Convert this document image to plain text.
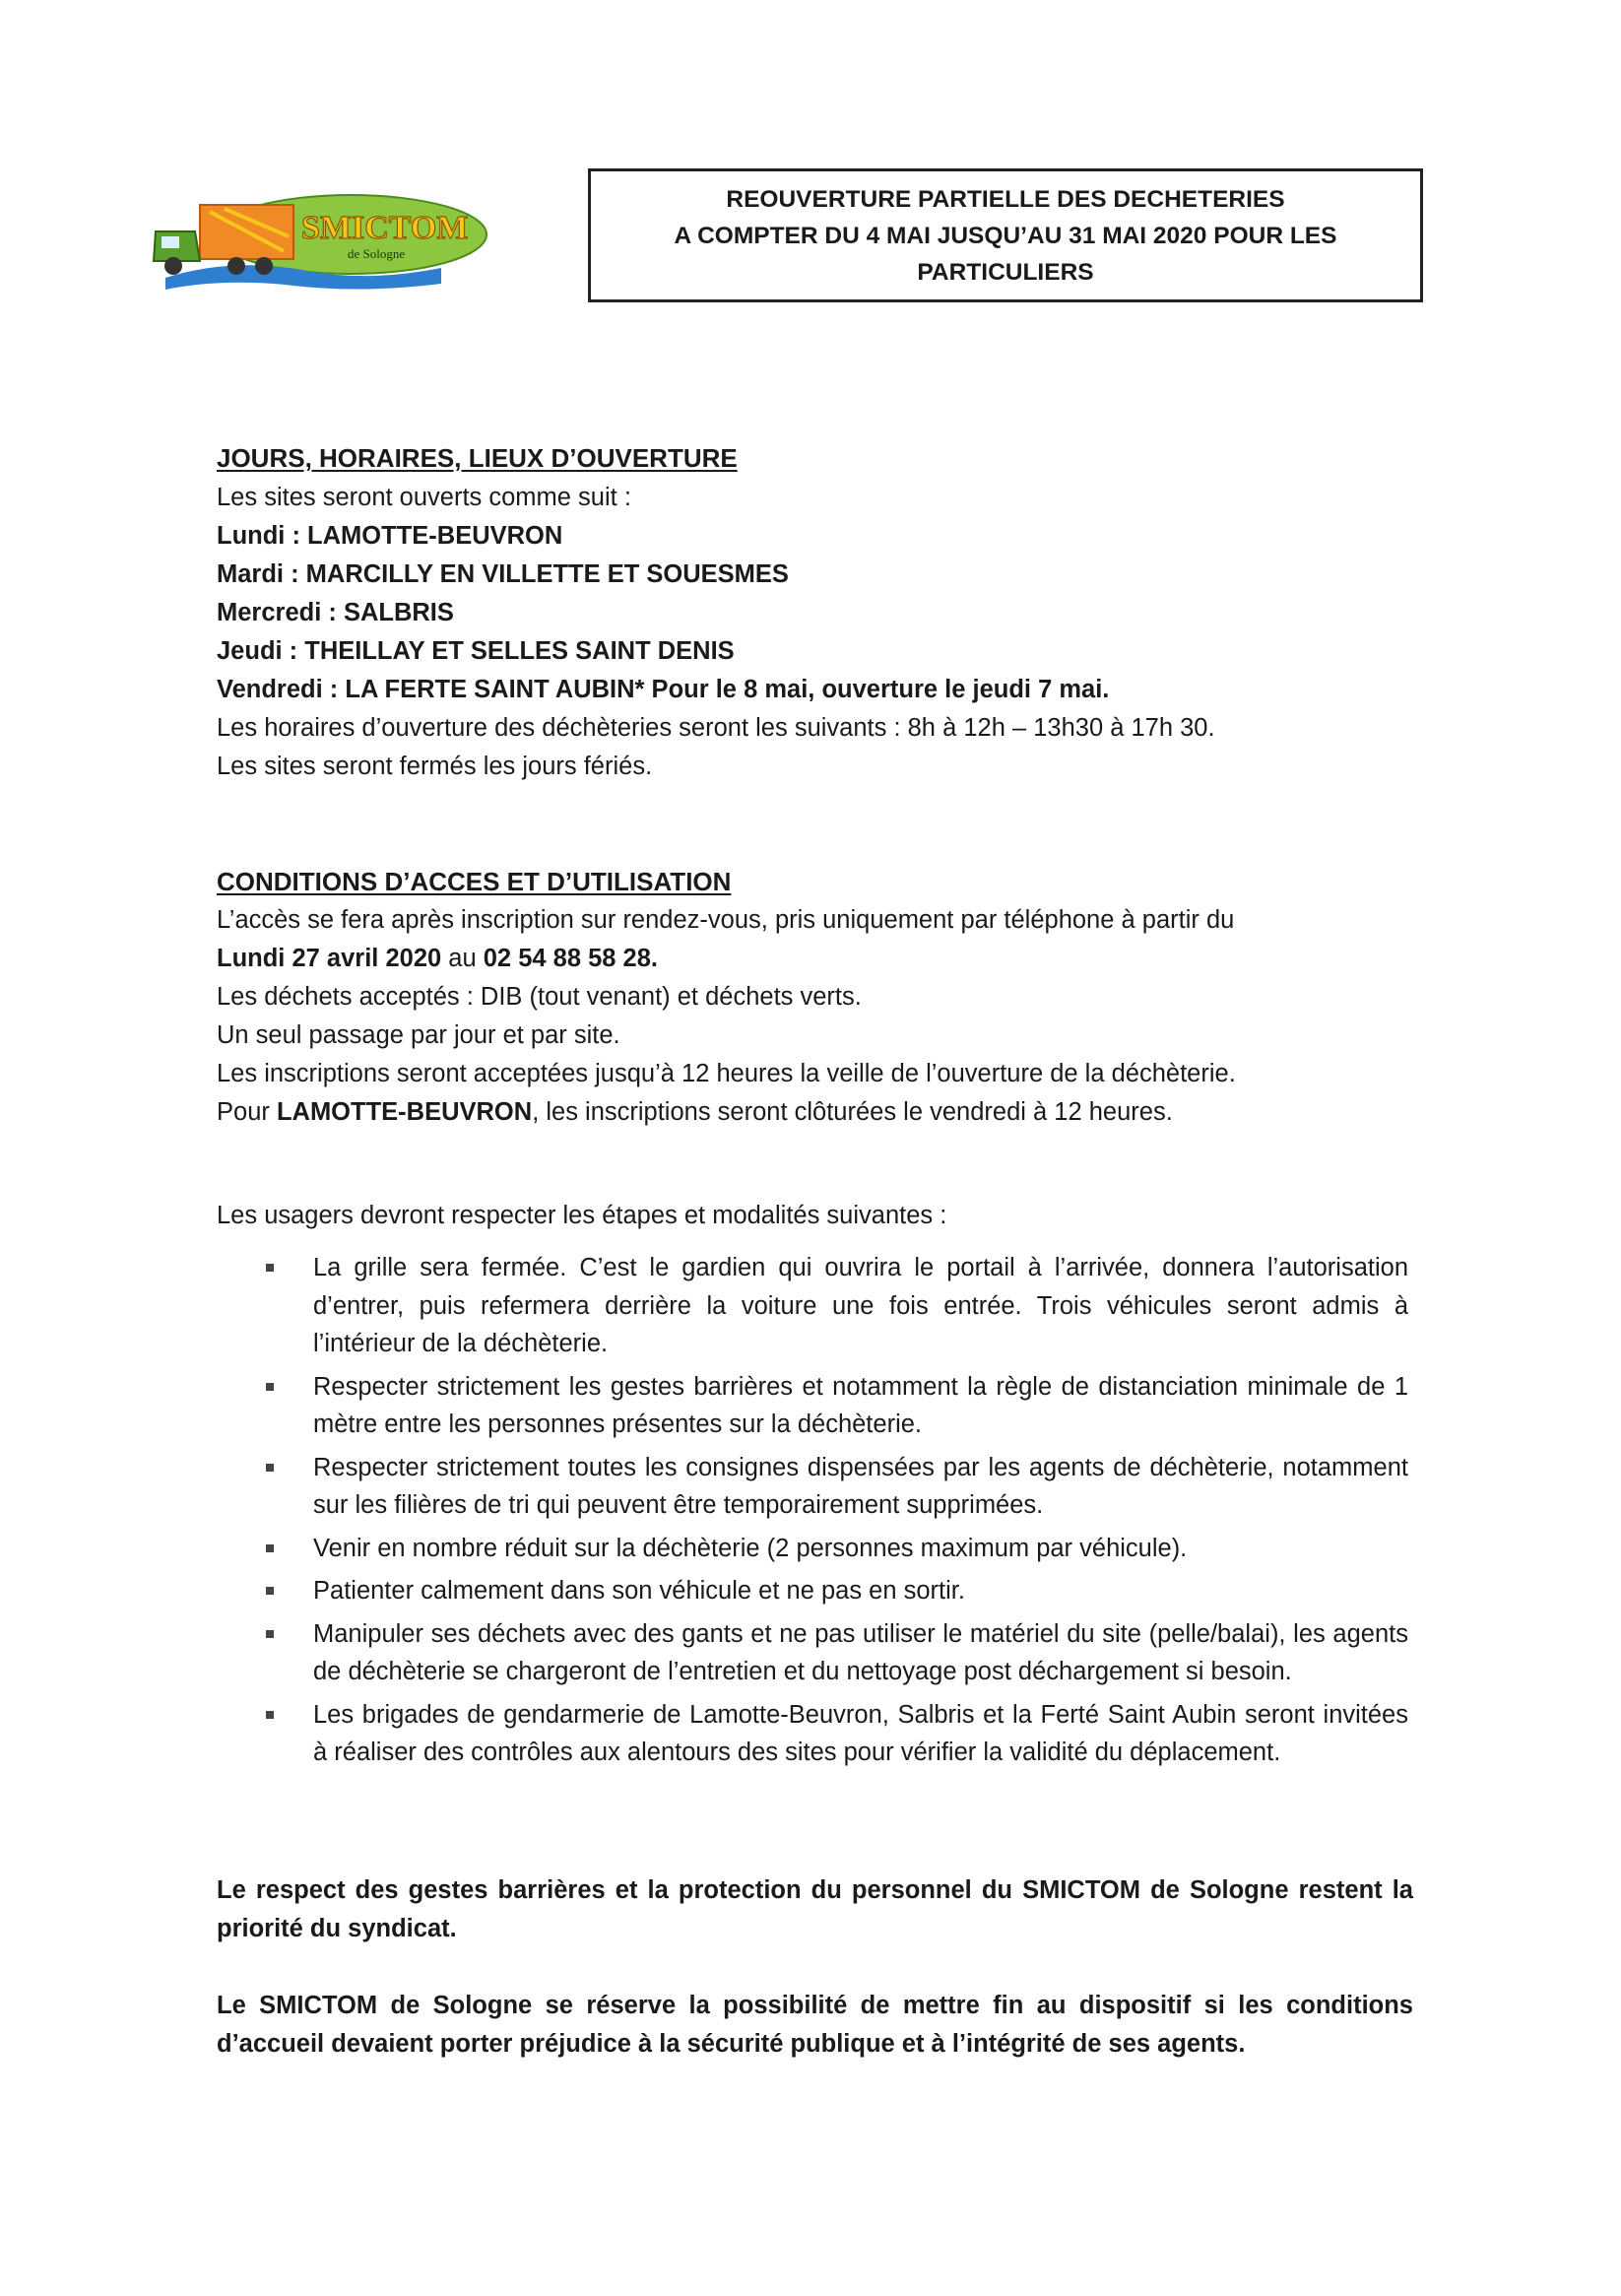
SMICTOM
de Sologne
REOUVERTURE PARTIELLE DES DECHETERIES
A COMPTER DU 4 MAI JUSQU’AU 31 MAI 2020 POUR LES
PARTICULIERS
JOURS, HORAIRES, LIEUX D’OUVERTURE
Les sites seront ouverts comme suit :
Lundi : LAMOTTE-BEUVRON
Mardi : MARCILLY EN VILLETTE ET SOUESMES
Mercredi : SALBRIS
Jeudi : THEILLAY ET SELLES SAINT DENIS
Vendredi : LA FERTE SAINT AUBIN* Pour le 8 mai, ouverture le jeudi 7 mai.
Les horaires d’ouverture des déchèteries seront les suivants : 8h à 12h – 13h30 à 17h 30.
Les sites seront fermés les jours fériés.
CONDITIONS D’ACCES ET D’UTILISATION
L’accès se fera après inscription sur rendez-vous, pris uniquement par téléphone à partir du
Lundi 27 avril 2020 au 02 54 88 58 28.
Les déchets acceptés : DIB (tout venant) et déchets verts.
Un seul passage par jour et par site.
Les inscriptions seront acceptées jusqu’à 12 heures la veille de l’ouverture de la déchèterie.
Pour LAMOTTE-BEUVRON, les inscriptions seront clôturées le vendredi à 12 heures.
Les usagers devront respecter les étapes et modalités suivantes :

La grille sera fermée. C’est le gardien qui ouvrira le portail à l’arrivée, donnera l’autorisation d’entrer, puis refermera derrière la voiture une fois entrée. Trois véhicules seront admis à l’intérieur de la déchèterie.

Respecter strictement les gestes barrières et notamment la règle de distanciation minimale de 1 mètre entre les personnes présentes sur la déchèterie.

Respecter strictement toutes les consignes dispensées par les agents de déchèterie, notamment sur les filières de tri qui peuvent être temporairement supprimées.

Venir en nombre réduit sur la déchèterie (2 personnes maximum par véhicule).

Patienter calmement dans son véhicule et ne pas en sortir.

Manipuler ses déchets avec des gants et ne pas utiliser le matériel du site (pelle/balai), les agents de déchèterie se chargeront de l’entretien et du nettoyage post déchargement si besoin.

Les brigades de gendarmerie de Lamotte-Beuvron, Salbris et la Ferté Saint Aubin seront invitées à réaliser des contrôles aux alentours des sites pour vérifier la validité du déplacement.

Le respect des gestes barrières et la protection du personnel du SMICTOM de Sologne restent la priorité du syndicat.
Le SMICTOM de Sologne se réserve la possibilité de mettre fin au dispositif si les conditions d’accueil devaient porter préjudice à la sécurité publique et à l’intégrité de ses agents.
